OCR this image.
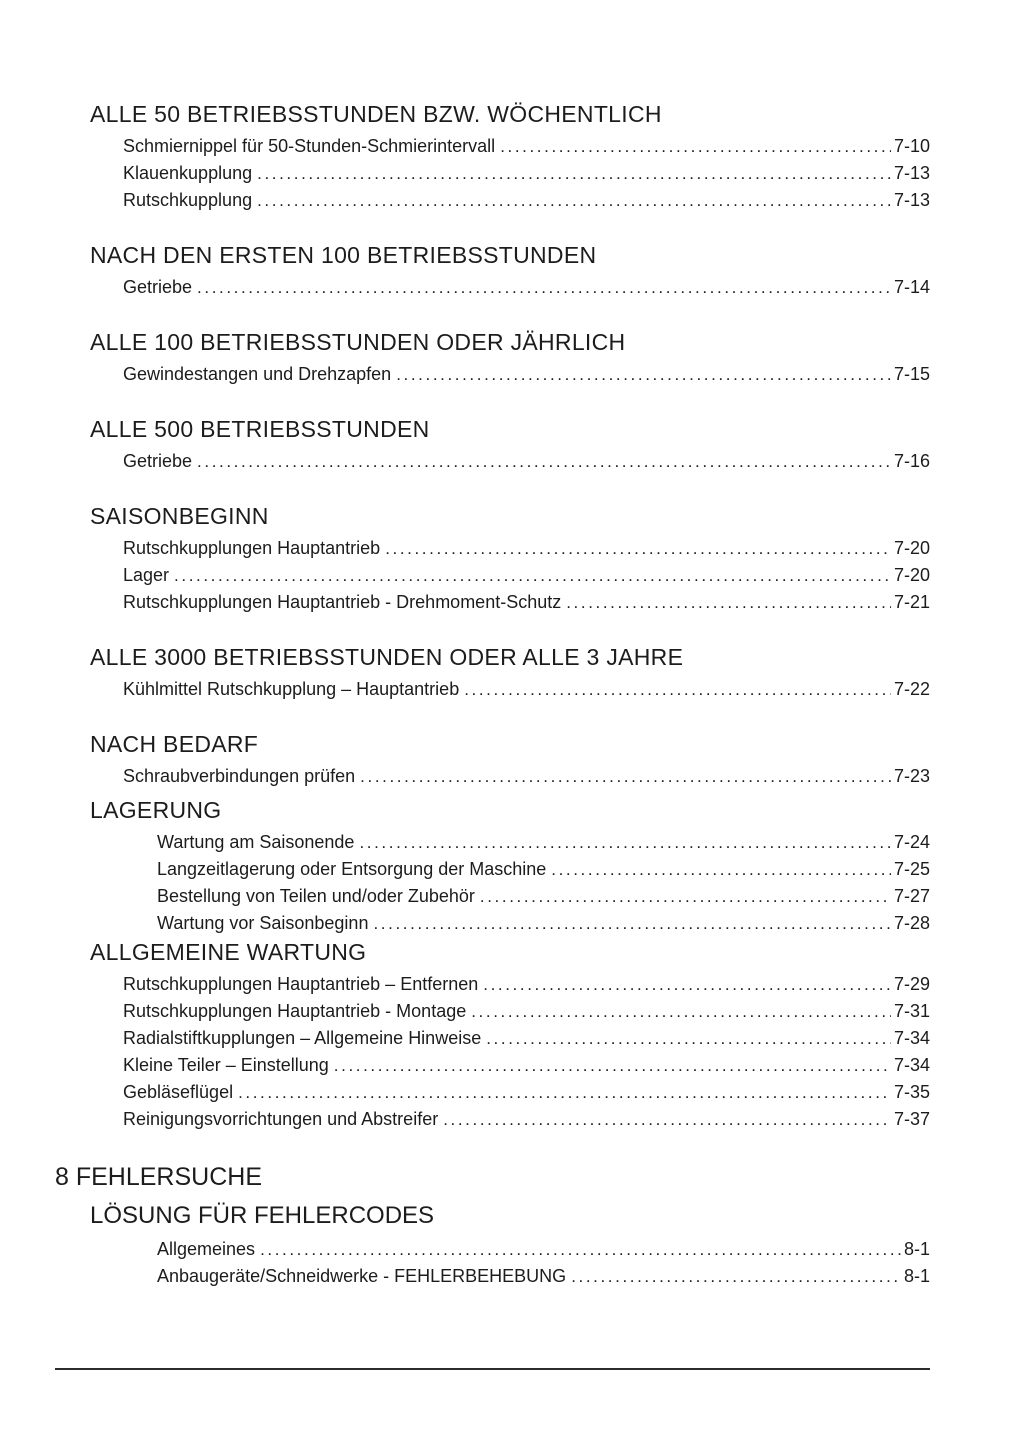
ALLE 50 BETRIEBSSTUNDEN BZW. WÖCHENTLICH
Schmiernippel für 50-Stunden-Schmierintervall .....	7-10
Klauenkupplung .....	7-13
Rutschkupplung .....	7-13
NACH DEN ERSTEN 100 BETRIEBSSTUNDEN
Getriebe .....	7-14
ALLE 100 BETRIEBSSTUNDEN ODER JÄHRLICH
Gewindestangen und Drehzapfen .....	7-15
ALLE 500 BETRIEBSSTUNDEN
Getriebe .....	7-16
SAISONBEGINN
Rutschkupplungen Hauptantrieb .....	7-20
Lager .....	7-20
Rutschkupplungen Hauptantrieb - Drehmoment-Schutz .....	7-21
ALLE 3000 BETRIEBSSTUNDEN ODER ALLE 3 JAHRE
Kühlmittel Rutschkupplung – Hauptantrieb .....	7-22
NACH BEDARF
Schraubverbindungen prüfen .....	7-23
LAGERUNG
Wartung am Saisonende .....	7-24
Langzeitlagerung oder Entsorgung der Maschine .....	7-25
Bestellung von Teilen und/oder Zubehör .....	7-27
Wartung vor Saisonbeginn .....	7-28
ALLGEMEINE WARTUNG
Rutschkupplungen Hauptantrieb – Entfernen .....	7-29
Rutschkupplungen Hauptantrieb - Montage .....	7-31
Radialstiftkupplungen – Allgemeine Hinweise .....	7-34
Kleine Teiler – Einstellung .....	7-34
Gebläseflügel .....	7-35
Reinigungsvorrichtungen und Abstreifer .....	7-37
8 FEHLERSUCHE
LÖSUNG FÜR FEHLERCODES
Allgemeines .....	8-1
Anbaugeräte/Schneidwerke - FEHLERBEHEBUNG .....	8-1
